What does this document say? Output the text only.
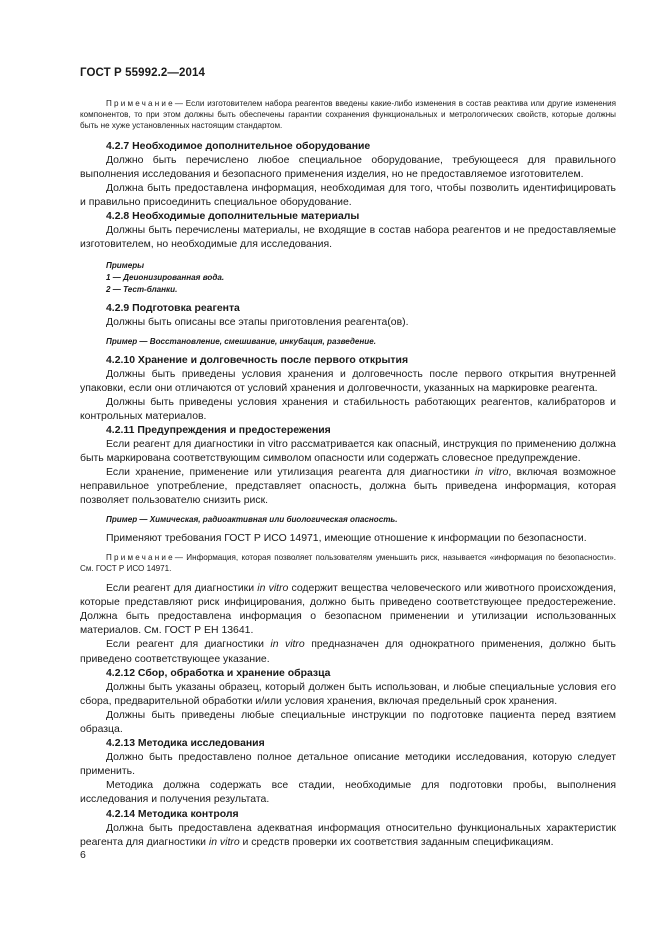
ГОСТ Р 55992.2—2014
Примечание— Если изготовителем набора реагентов введены какие-либо изменения в состав реактива или другие изменения компонентов, то при этом должны быть обеспечены гарантии сохранения функциональных и метрологических свойств, которые должны быть не хуже установленных настоящим стандартом.
4.2.7 Необходимое дополнительное оборудование

Должно быть перечислено любое специальное оборудование, требующееся для правильного выполнения исследования и безопасного применения изделия, но не предоставляемое изготовителем.

Должна быть предоставлена информация, необходимая для того, чтобы позволить идентифицировать и правильно присоединить специальное оборудование.

4.2.8 Необходимые дополнительные материалы

Должны быть перечислены материалы, не входящие в состав набора реагентов и не предоставляемые изготовителем, но необходимые для исследования.

Примеры
1 — Деионизированная вода.
2 — Тест-бланки.
4.2.9 Подготовка реагента

Должны быть описаны все этапы приготовления реагента(ов).

Пример — Восстановление, смешивание, инкубация, разведение.
4.2.10 Хранение и долговечность после первого открытия

Должны быть приведены условия хранения и долговечность после первого открытия внутренней упаковки, если они отличаются от условий хранения и долговечности, указанных на маркировке реагента.

Должны быть приведены условия хранения и стабильность работающих реагентов, калибраторов и контрольных материалов.

4.2.11 Предупреждения и предостережения

Если реагент для диагностики in vitro рассматривается как опасный, инструкция по применению должна быть маркирована соответствующим символом опасности или содержать словесное предупреждение.

Если хранение, применение или утилизация реагента для диагностики in vitro, включая возможное неправильное употребление, представляет опасность, должна быть приведена информация, которая позволяет пользователю снизить риск.

Пример — Химическая, радиоактивная или биологическая опасность.

Применяют требования ГОСТ Р ИСО 14971, имеющие отношение к информации по безопасности.

Примечание— Информация, которая позволяет пользователям уменьшить риск, называется «информация по безопасности». См. ГОСТ Р ИСО 14971.

Если реагент для диагностики in vitro содержит вещества человеческого или животного происхождения, которые представляют риск инфицирования, должно быть приведено соответствующее предостережение. Должна быть предоставлена информация о безопасном применении и утилизации использованных материалов. См. ГОСТ Р ЕН 13641.

Если реагент для диагностики in vitro предназначен для однократного применения, должно быть приведено соответствующее указание.

4.2.12 Сбор, обработка и хранение образца

Должны быть указаны образец, который должен быть использован, и любые специальные условия его сбора, предварительной обработки и/или условия хранения, включая предельный срок хранения.

Должны быть приведены любые специальные инструкции по подготовке пациента перед взятием образца.

4.2.13 Методика исследования

Должно быть предоставлено полное детальное описание методики исследования, которую следует применить.

Методика должна содержать все стадии, необходимые для подготовки пробы, выполнения исследования и получения результата.

4.2.14 Методика контроля

Должна быть предоставлена адекватная информация относительно функциональных характеристик реагента для диагностики in vitro и средств проверки их соответствия заданным спецификациям.

6
